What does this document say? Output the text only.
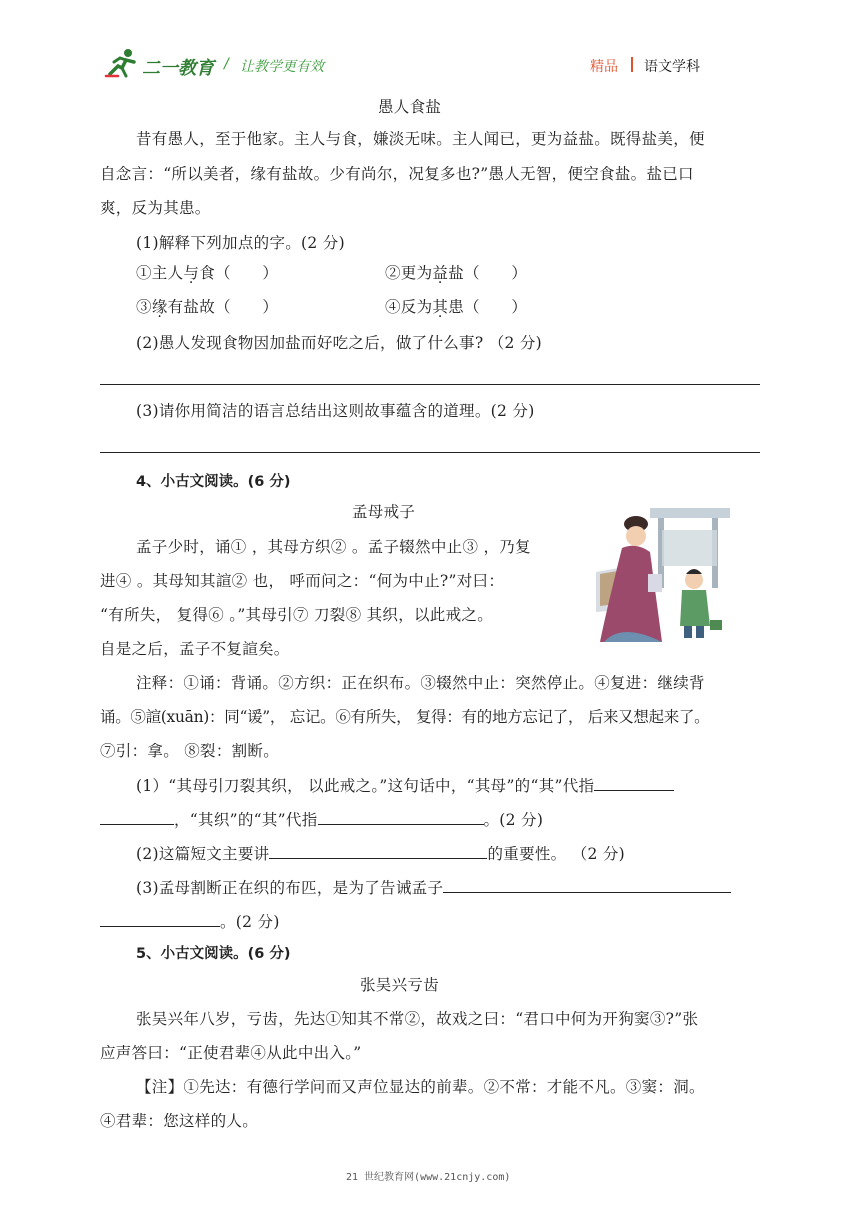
二一教育 / 让教学更有效	精品 语文学科
愚人食盐
昔有愚人，至于他家。主人与食，嫌淡无味。主人闻已，更为益盐。既得盐美，便
自念言：“所以美者，缘有盐故。少有尚尔，况复多也?”愚人无智，便空食盐。盐已口
爽，反为其患。
(1)解释下列加点的字。(2 分)
①主人与食（　　）	②更为益盐（　　）
③缘有盐故（　　）	④反为其患（　　）
(2)愚人发现食物因加盐而好吃之后，做了什么事? （2 分)
(3)请你用简洁的语言总结出这则故事蕴含的道理。(2 分)
4、小古文阅读。(6 分)
孟母戒子
孟子少时，诵① ，其母方织② 。孟子辍然中止③ ，乃复
进④ 。其母知其諠② 也， 呼而问之：“何为中止?”对曰：
“有所失， 复得⑥ 。”其母引⑦ 刀裂⑧ 其织，以此戒之。
自是之后，孟子不复諠矣。
注释：①诵：背诵。②方织：正在织布。③辍然中止：突然停止。④复进：继续背
诵。⑤諠(xuān)：同“谖”， 忘记。⑥有所失， 复得：有的地方忘记了， 后来又想起来了。
⑦引：拿。 ⑧裂：割断。
(1）“其母引刀裂其织， 以此戒之。”这句话中，“其母”的“其”代指
，“其织”的“其”代指	。(2 分)
(2)这篇短文主要讲	的重要性。 （2 分)
(3)孟母割断正在织的布匹，是为了告诫孟子
。(2 分)
5、小古文阅读。(6 分)
张吴兴亏齿
张吴兴年八岁，亏齿，先达①知其不常②，故戏之曰：“君口中何为开狗窦③?”张
应声答曰：“正使君辈④从此中出入。”
【注】①先达：有德行学问而又声位显达的前辈。②不常：才能不凡。③窦：洞。
④君辈：您这样的人。
21 世纪教育网(www.21cnjy.com)
